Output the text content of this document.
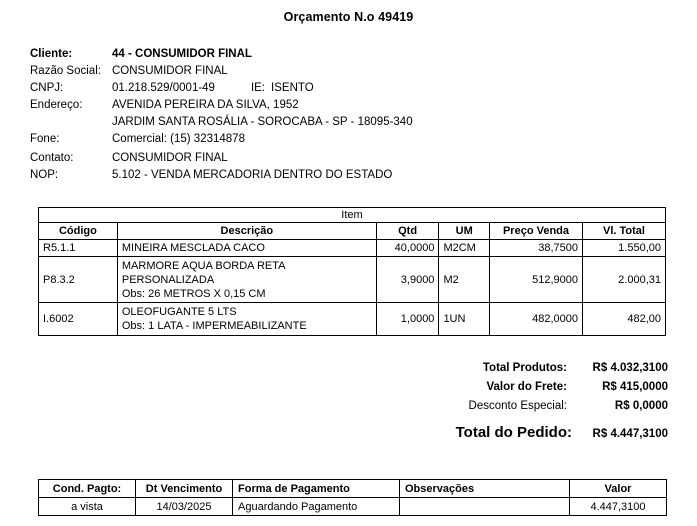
Orçamento N.o 49419
Cliente:	44 - CONSUMIDOR FINAL
Razão Social: CONSUMIDOR FINAL
CNPJ:	01.218.529/0001-49	IE: ISENTO
Endereço:	AVENIDA PEREIRA DA SILVA, 1952
JARDIM SANTA ROSÁLIA - SOROCABA - SP - 18095-340
Fone:	Comercial: (15) 32314878
Contato:	CONSUMIDOR FINAL
NOP:	5.102 - VENDA MERCADORIA DENTRO DO ESTADO
Item					
Código	Descrição	Qtd	UM	Preço Venda	Vl. Total
R5.1.1	MINEIRA MESCLADA CACO	40,0000	M2CM	38,7500	1.550,00
P8.3.2	MARMORE AQUA BORDA RETA
PERSONALIZADA
Obs: 26 METROS X 0,15 CM	3,9000	M2	512,9000	2.000,31
I.6002	OLEOFUGANTE 5 LTS
Obs: 1 LATA - IMPERMEABILIZANTE	1,0000	1UN	482,0000	482,00
Total Produtos:	R$ 4.032,3100
Valor do Frete:	R$ 415,0000
Desconto Especial:	R$ 0,0000
Total do Pedido:	R$ 4.447,3100
Cond. Pagto:	Dt Vencimento	Forma de Pagamento	Observações	Valor
a vista	14/03/2025	Aguardando Pagamento		4.447,3100
